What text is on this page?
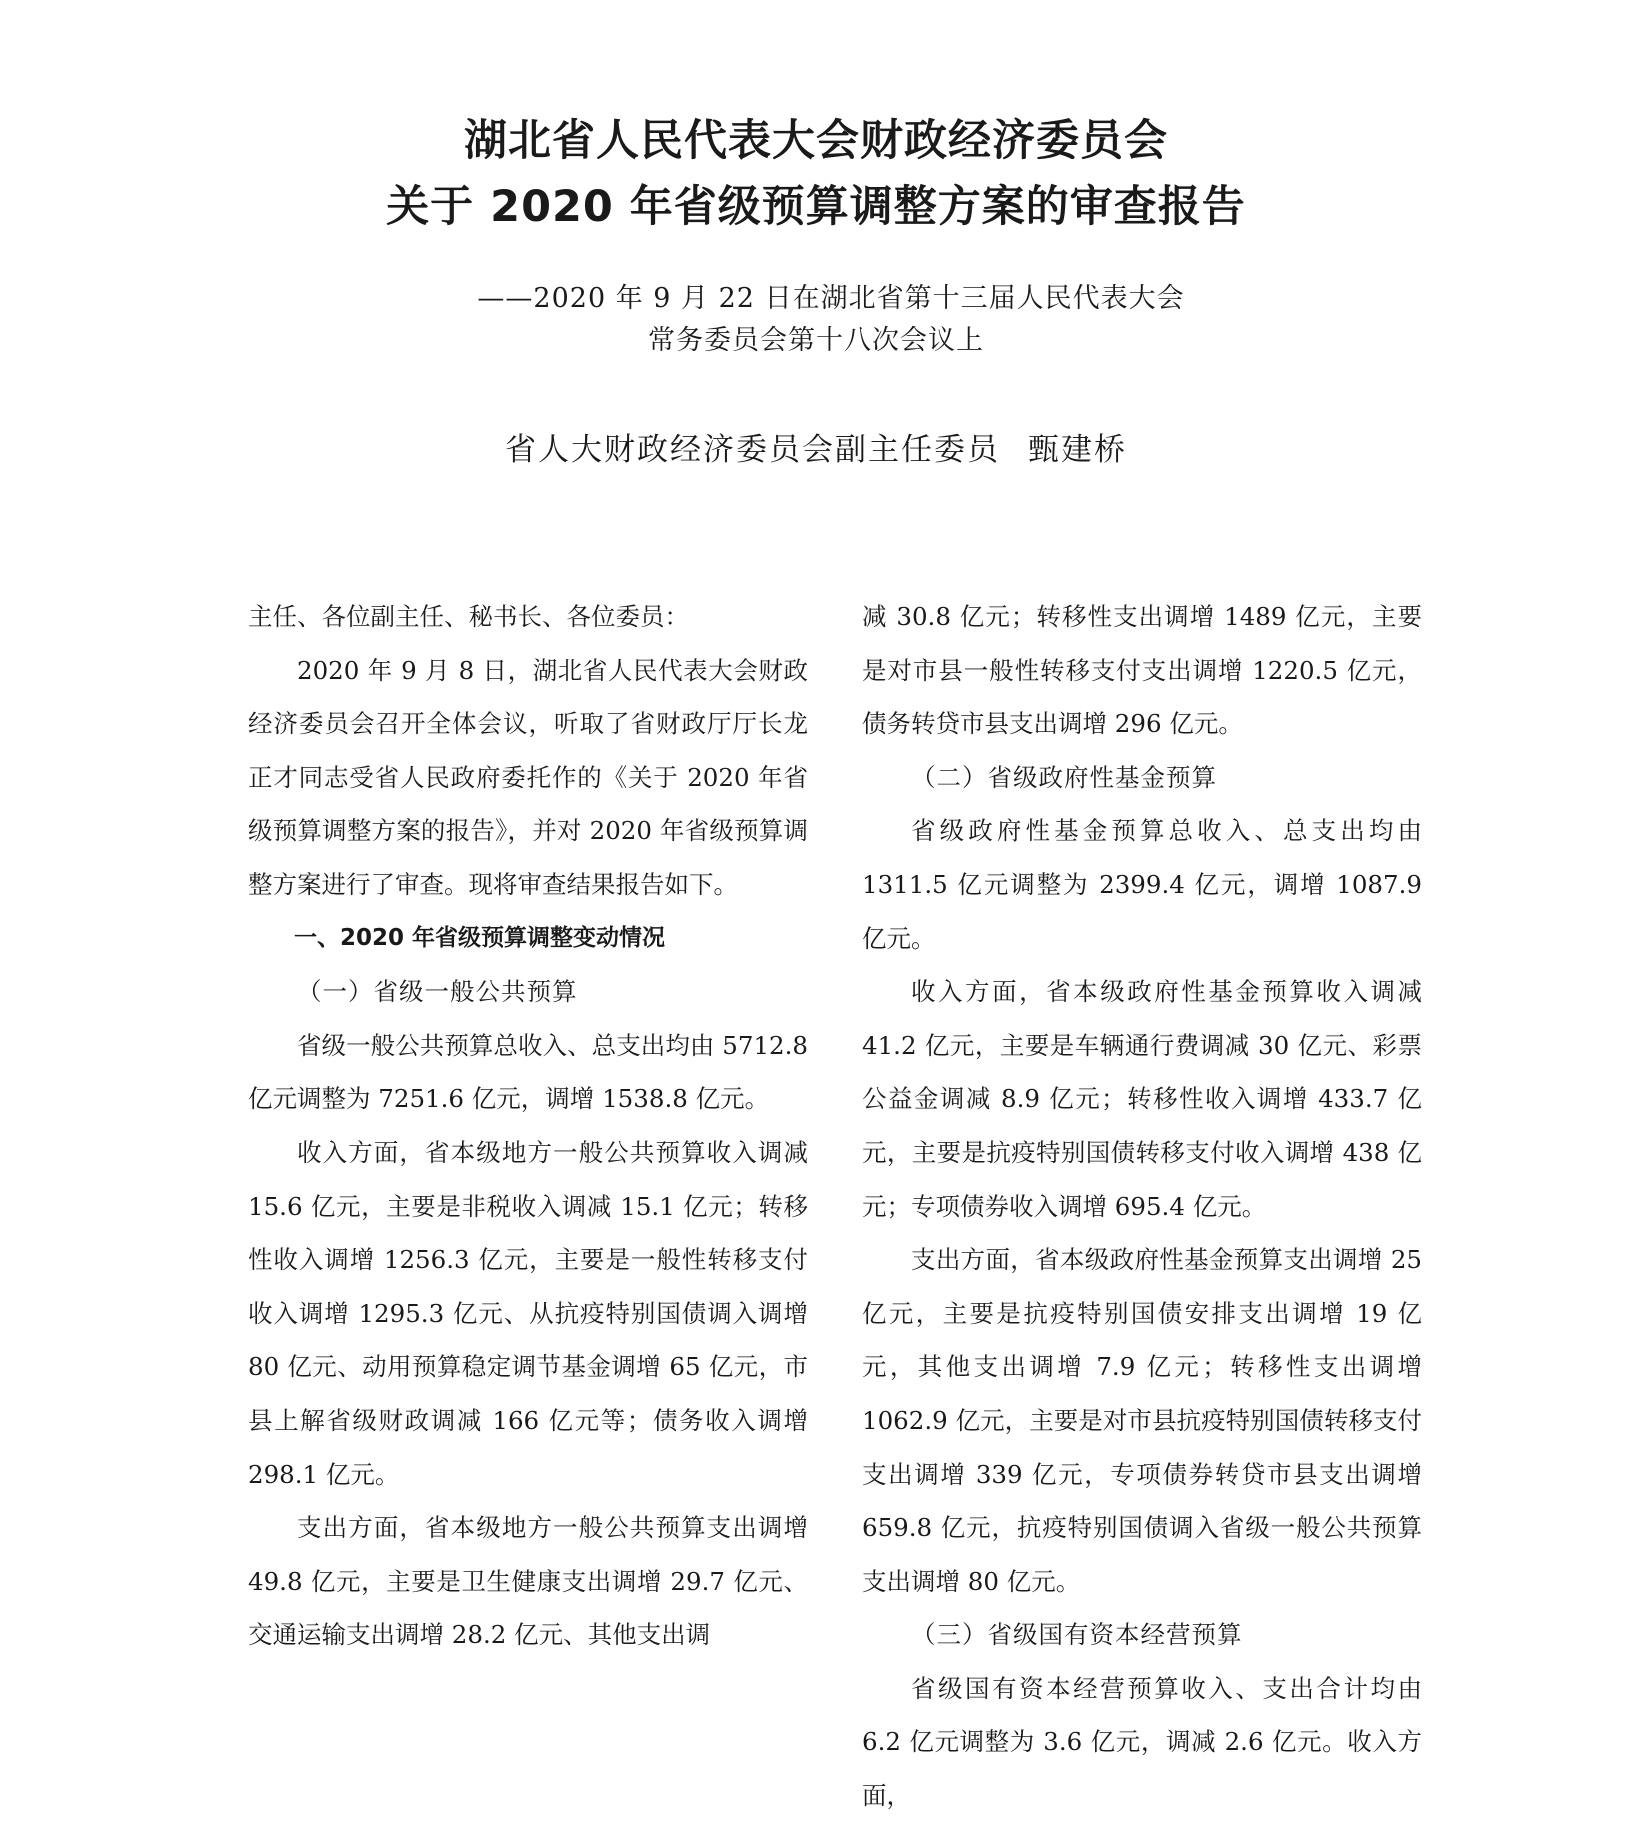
湖北省人民代表大会财政经济委员会

关于 2020 年省级预算调整方案的审查报告

——2020 年 9 月 22 日在湖北省第十三届人民代表大会

常务委员会第十八次会议上

省人大财政经济委员会副主任委员 甄建桥

主任、各位副主任、秘书长、各位委员：

2020 年 9 月 8 日，湖北省人民代表大会财政经济委员会召开全体会议，听取了省财政厅厅长龙正才同志受省人民政府委托作的《关于 2020 年省级预算调整方案的报告》，并对 2020 年省级预算调整方案进行了审查。现将审查结果报告如下。

一、2020 年省级预算调整变动情况

（一）省级一般公共预算

省级一般公共预算总收入、总支出均由 5712.8 亿元调整为 7251.6 亿元，调增 1538.8 亿元。

收入方面，省本级地方一般公共预算收入调减 15.6 亿元，主要是非税收入调减 15.1 亿元；转移性收入调增 1256.3 亿元，主要是一般性转移支付收入调增 1295.3 亿元、从抗疫特别国债调入调增 80 亿元、动用预算稳定调节基金调增 65 亿元，市县上解省级财政调减 166 亿元等；债务收入调增 298.1 亿元。

支出方面，省本级地方一般公共预算支出调增 49.8 亿元，主要是卫生健康支出调增 29.7 亿元、交通运输支出调增 28.2 亿元、其他支出调

减 30.8 亿元；转移性支出调增 1489 亿元，主要是对市县一般性转移支付支出调增 1220.5 亿元，债务转贷市县支出调增 296 亿元。

（二）省级政府性基金预算

省级政府性基金预算总收入、总支出均由 1311.5 亿元调整为 2399.4 亿元，调增 1087.9 亿元。

收入方面，省本级政府性基金预算收入调减 41.2 亿元，主要是车辆通行费调减 30 亿元、彩票公益金调减 8.9 亿元；转移性收入调增 433.7 亿元，主要是抗疫特别国债转移支付收入调增 438 亿元；专项债券收入调增 695.4 亿元。

支出方面，省本级政府性基金预算支出调增 25 亿元，主要是抗疫特别国债安排支出调增 19 亿元，其他支出调增 7.9 亿元；转移性支出调增 1062.9 亿元，主要是对市县抗疫特别国债转移支付支出调增 339 亿元，专项债券转贷市县支出调增 659.8 亿元，抗疫特别国债调入省级一般公共预算支出调增 80 亿元。

（三）省级国有资本经营预算

省级国有资本经营预算收入、支出合计均由 6.2 亿元调整为 3.6 亿元，调减 2.6 亿元。收入方面，
